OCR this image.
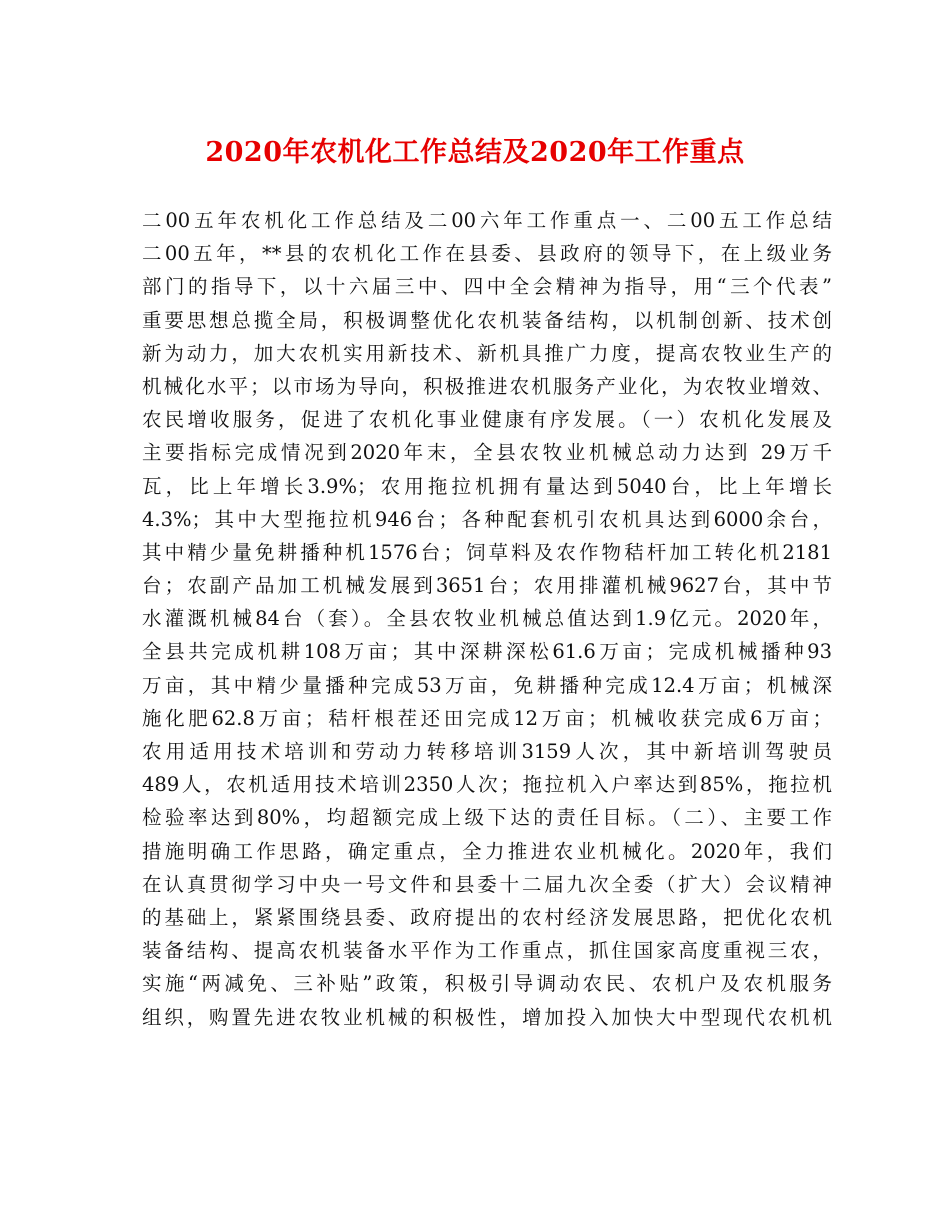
2020年农机化工作总结及2020年工作重点
二00五年农机化工作总结及二00六年工作重点一、二00五工作总结
二00五年，**县的农机化工作在县委、县政府的领导下，在上级业务
部门的指导下，以十六届三中、四中全会精神为指导，用“三个代表”
重要思想总揽全局，积极调整优化农机装备结构，以机制创新、技术创
新为动力，加大农机实用新技术、新机具推广力度，提高农牧业生产的
机械化水平；以市场为导向，积极推进农机服务产业化，为农牧业增效、
农民增收服务，促进了农机化事业健康有序发展。（一）农机化发展及
主要指标完成情况到2020年末，全县农牧业机械总动力达到 29万千
瓦，比上年增长3.9%；农用拖拉机拥有量达到5040台，比上年增长
4.3%；其中大型拖拉机946台；各种配套机引农机具达到6000余台，
其中精少量免耕播种机1576台；饲草料及农作物秸杆加工转化机2181
台；农副产品加工机械发展到3651台；农用排灌机械9627台，其中节
水灌溉机械84台（套）。全县农牧业机械总值达到1.9亿元。2020年，
全县共完成机耕108万亩；其中深耕深松61.6万亩；完成机械播种93
万亩，其中精少量播种完成53万亩，免耕播种完成12.4万亩；机械深
施化肥62.8万亩；秸杆根茬还田完成12万亩；机械收获完成6万亩；
农用适用技术培训和劳动力转移培训3159人次，其中新培训驾驶员
489人，农机适用技术培训2350人次；拖拉机入户率达到85%，拖拉机
检验率达到80%，均超额完成上级下达的责任目标。（二）、主要工作
措施明确工作思路，确定重点，全力推进农业机械化。2020年，我们
在认真贯彻学习中央一号文件和县委十二届九次全委（扩大）会议精神
的基础上，紧紧围绕县委、政府提出的农村经济发展思路，把优化农机
装备结构、提高农机装备水平作为工作重点，抓住国家高度重视三农，
实施“两减免、三补贴”政策，积极引导调动农民、农机户及农机服务
组织，购置先进农牧业机械的积极性，增加投入加快大中型现代农机机
